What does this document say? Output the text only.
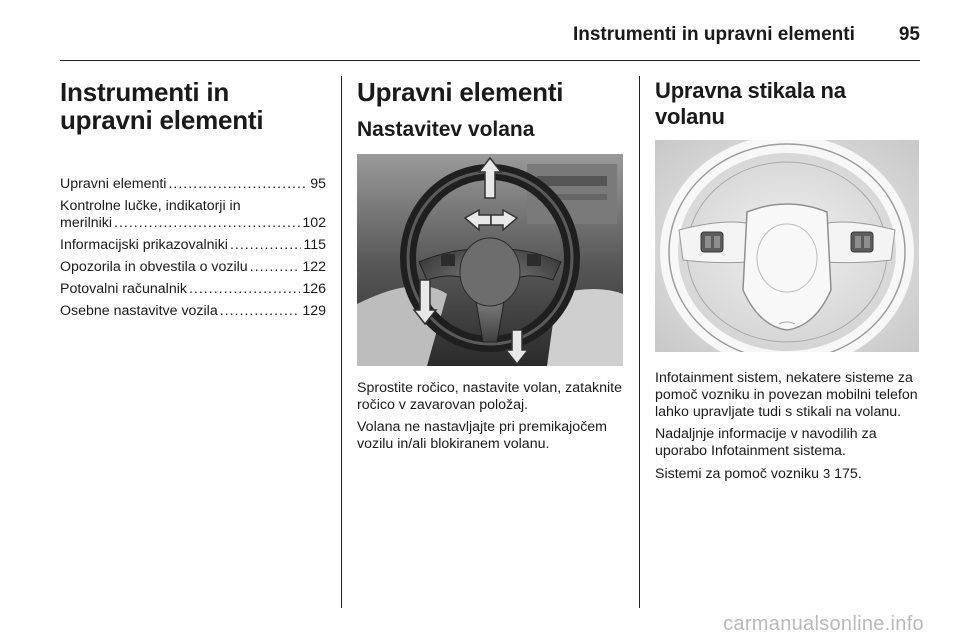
Instrumenti in upravni elementi 95
Instrumenti in upravni elementi
Upravni elementi .....	95
Kontrolne lučke, indikatorji in
merilniki .....	102
Informacijski prikazovalniki .....	115
Opozorila in obvestila o vozilu .....	122
Potovalni računalnik .....	126
Osebne nastavitve vozila .....	129
Upravni elementi
Nastavitev volana

Sprostite ročico, nastavite volan, zataknite ročico v zavarovan položaj.

Volana ne nastavljajte pri premikajočem vozilu in/ali blokiranem volanu.

Upravna stikala na volanu

Infotainment sistem, nekatere sisteme za pomoč vozniku in povezan mobilni telefon lahko upravljate tudi s stikali na volanu.

Nadaljnje informacije v navodilih za uporabo Infotainment sistema.

Sistemi za pomoč vozniku 3 175.

carmanualsonline.info
